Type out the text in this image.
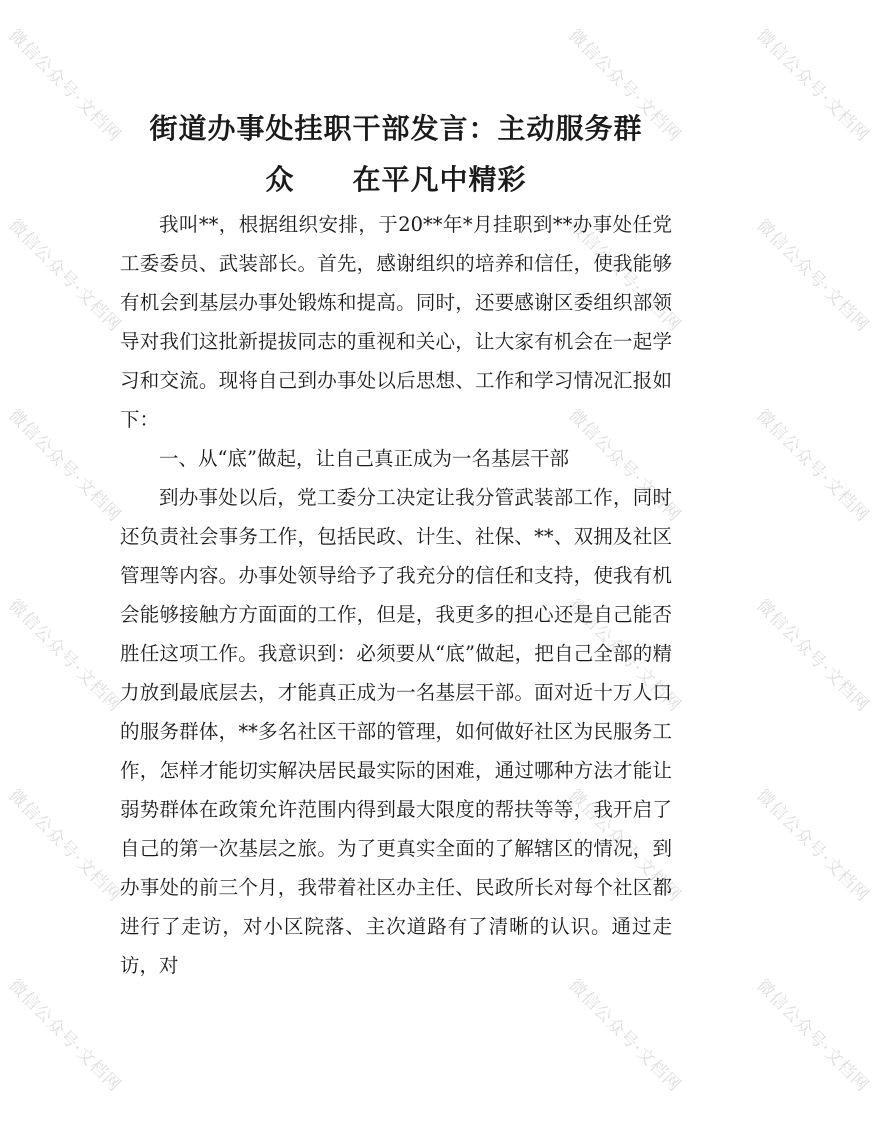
微信公众号·文档网	微信公众号·文档网	微信公众号·文档网
微信公众号·文档网	微信公众号·文档网	微信公众号·文档网
微信公众号·文档网	微信公众号·文档网	微信公众号·文档网
微信公众号·文档网	微信公众号·文档网	微信公众号·文档网
微信公众号·文档网	微信公众号·文档网	微信公众号·文档网
微信公众号·文档网	微信公众号·文档网	微信公众号·文档网
街道办事处挂职干部发言：主动服务群
众　　在平凡中精彩

我叫**，根据组织安排，于20**年*月挂职到**办事处任党工委委员、武装部长。首先，感谢组织的培养和信任，使我能够有机会到基层办事处锻炼和提高。同时，还要感谢区委组织部领导对我们这批新提拔同志的重视和关心，让大家有机会在一起学习和交流。现将自己到办事处以后思想、工作和学习情况汇报如下：

一、从“底”做起，让自己真正成为一名基层干部

到办事处以后，党工委分工决定让我分管武装部工作，同时还负责社会事务工作，包括民政、计生、社保、**、双拥及社区管理等内容。办事处领导给予了我充分的信任和支持，使我有机会能够接触方方面面的工作，但是，我更多的担心还是自己能否胜任这项工作。我意识到：必须要从“底”做起，把自己全部的精力放到最底层去，才能真正成为一名基层干部。面对近十万人口的服务群体，**多名社区干部的管理，如何做好社区为民服务工作，怎样才能切实解决居民最实际的困难，通过哪种方法才能让弱势群体在政策允许范围内得到最大限度的帮扶等等，我开启了自己的第一次基层之旅。为了更真实全面的了解辖区的情况，到办事处的前三个月，我带着社区办主任、民政所长对每个社区都进行了走访，对小区院落、主次道路有了清晰的认识。通过走访，对
